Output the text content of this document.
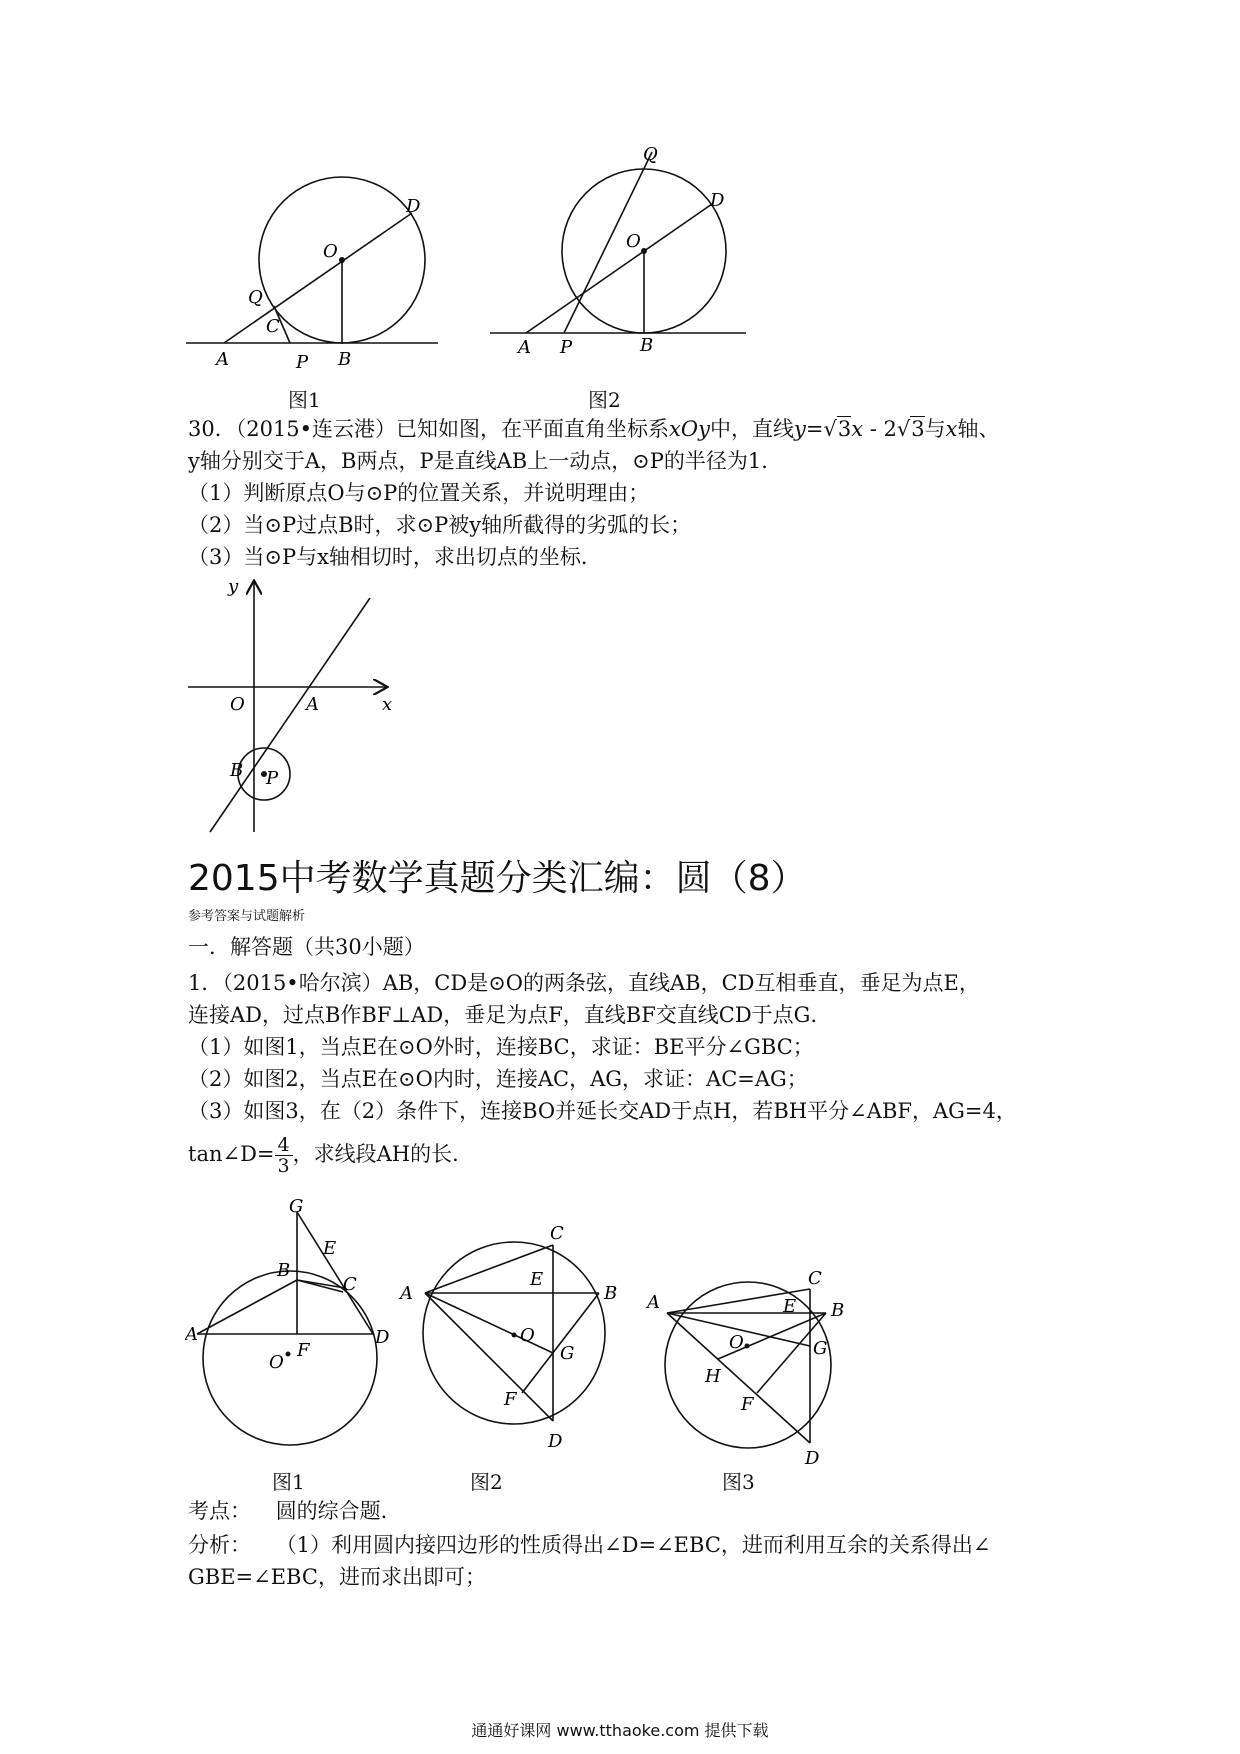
O
D
Q
C
A	P B
图1
O
Q
D
A P	B
图2
30．（2015•连云港）已知如图，在平面直角坐标系xOy中，直线y=√3x - 2√3与x轴、
y轴分别交于A，B两点，P是直线AB上一动点，⊙P的半径为1．
（1）判断原点O与⊙P的位置关系，并说明理由；
（2）当⊙P过点B时，求⊙P被y轴所截得的劣弧的长；
（3）当⊙P与x轴相切时，求出切点的坐标．
y
O	A	x
B P
2015中考数学真题分类汇编：圆（8）
参考答案与试题解析
一．解答题（共30小题）
1．（2015•哈尔滨）AB，CD是⊙O的两条弦，直线AB，CD互相垂直，垂足为点E，
连接AD，过点B作BF⊥AD，垂足为点F，直线BF交直线CD于点G．
（1）如图1，当点E在⊙O外时，连接BC，求证：BE平分∠GBC；
（2）如图2，当点E在⊙O内时，连接AC，AG，求证：AC=AG；
（3）如图3，在（2）条件下，连接BO并延长交AD于点H，若BH平分∠ABF，AG=4，
tan∠D= $\frac{4}{3}$ ，求线段AH的长．
G
E
B
C
A	D
F
O
C
A
E
B
O
G
F
D
C
A	E B
O	G
H
F
D
图1	图2	图3
考点： 圆的综合题．
分析： （1）利用圆内接四边形的性质得出∠D=∠EBC，进而利用互余的关系得出∠
GBE=∠EBC，进而求出即可；
通通好课网 www.tthaoke.com 提供下载
